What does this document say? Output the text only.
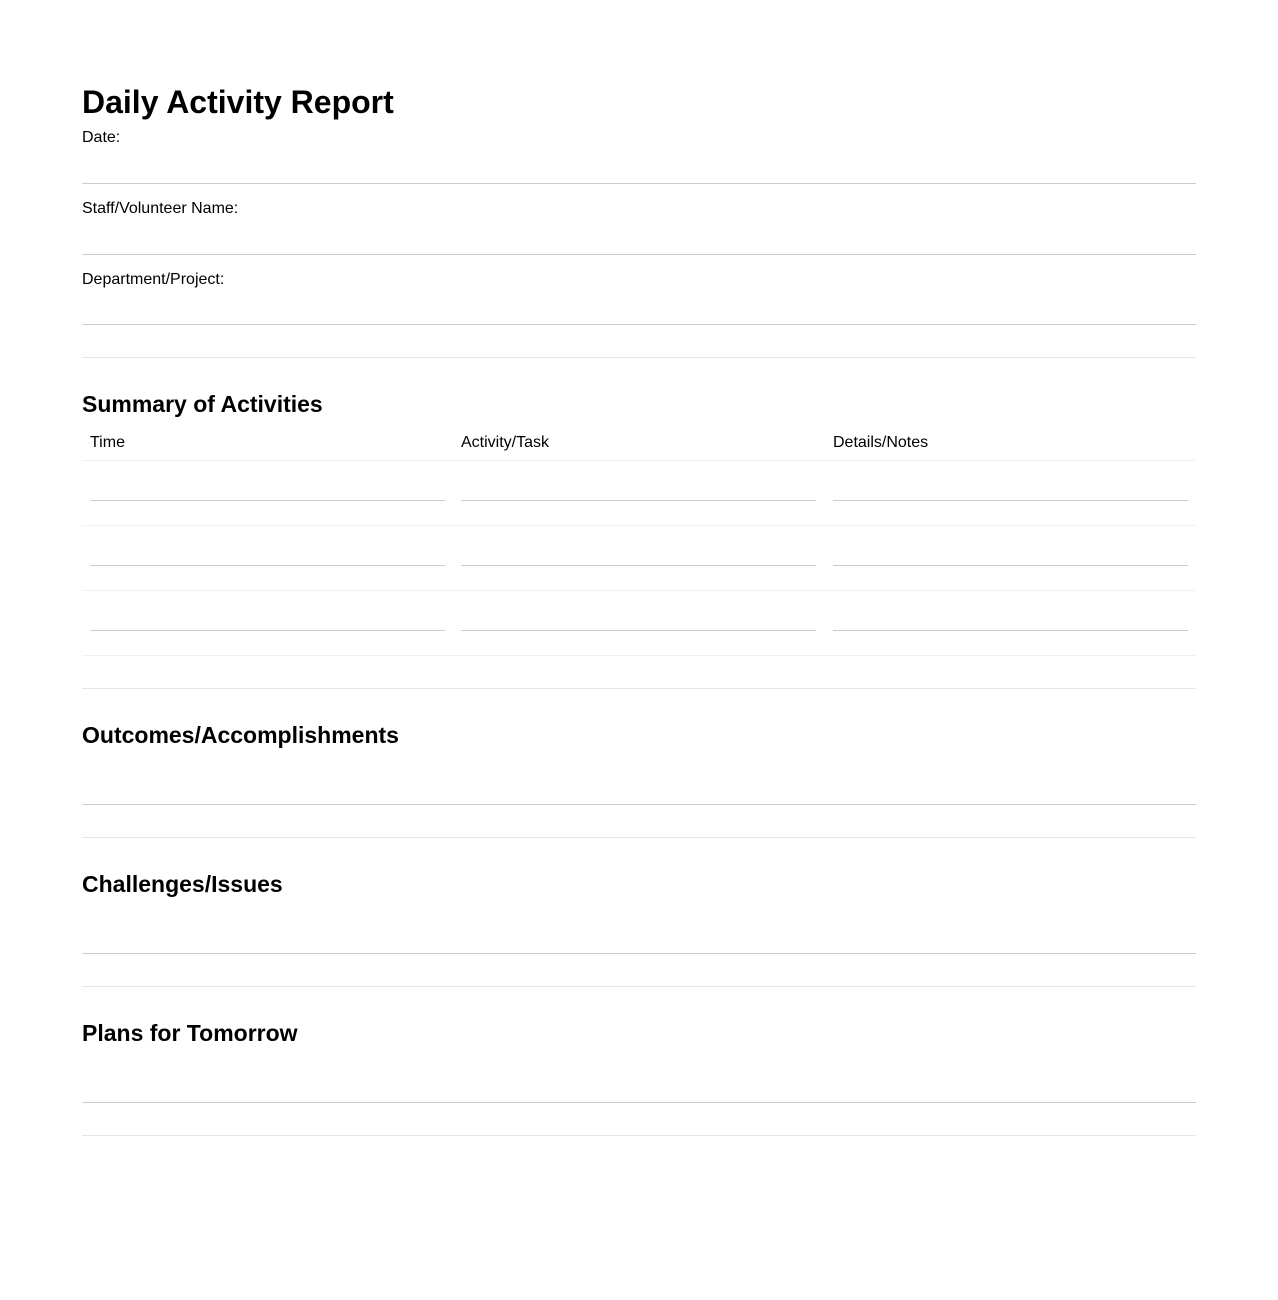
Daily Activity Report
Date:
Staff/Volunteer Name:
Department/Project:
Summary of Activities
Time	Activity/Task	Details/Notes
Outcomes/Accomplishments
Challenges/Issues
Plans for Tomorrow
